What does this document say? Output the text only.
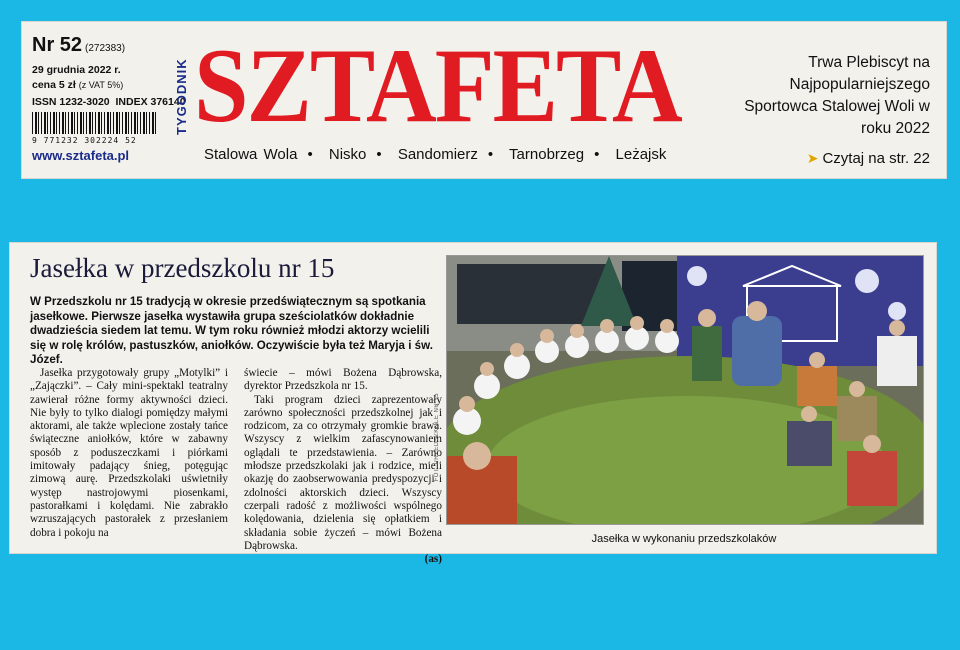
Nr 52 (272383)
29 grudnia 2022 r.
cena 5 zł (z VAT 5%)
ISSN 1232-3020 INDEX 376140
9 771232 302224 52
www.sztafeta.pl
TYGODNIK SZTAFETA
Stalowa Wola • Nisko • Sandomierz • Tarnobrzeg • Leżajsk
Trwa Plebiscyt na Najpopularniejszego Sportowca Stalowej Woli w roku 2022
➤ Czytaj na str. 22
Jasełka w przedszkolu nr 15
W Przedszkolu nr 15 tradycją w okresie przedświątecznym są spotkania jasełkowe. Pierwsze jasełka wystawiła grupa sześciolatków dokładnie dwadzieścia siedem lat temu. W tym roku również młodzi aktorzy wcielili się w rolę królów, pastuszków, aniołków. Oczywiście była też Maryja i św. Józef.

Jasełka przygotowały grupy „Motylki” i „Zajączki”. – Cały mini-spektakl teatralny zawierał różne formy aktywności dzieci. Nie były to tylko dialogi pomiędzy małymi aktorami, ale także wplecione zostały tańce świąteczne aniołków, które w zabawny sposób z poduszeczkami i piórkami imitowały padający śnieg, potęgując zimową aurę. Przedszkolaki uświetniły występ nastrojowymi piosenkami, pastorałkami i kolędami. Nie zabrakło wzruszających pastorałek z przesłaniem dobra i pokoju na

świecie – mówi Bożena Dąbrowska, dyrektor Przedszkola nr 15.

Taki program dzieci zaprezentowały zarówno społeczności przedszkolnej jak i rodzicom, za co otrzymały gromkie brawa. Wszyscy z wielkim zafascynowaniem oglądali te przedstawienia. – Zarówno młodsze przedszkolaki jak i rodzice, mieli okazję do zaobserwowania predyspozycji i zdolności aktorskich dzieci. Wszyscy czerpali radość z możliwości wspólnego kolędowania, dzielenia się opłatkiem i składania sobie życzeń – mówi Bożena Dąbrowska.

(as)
FOT. PRZEDSZKOLE NR 15
Jasełka w wykonaniu przedszkolaków
